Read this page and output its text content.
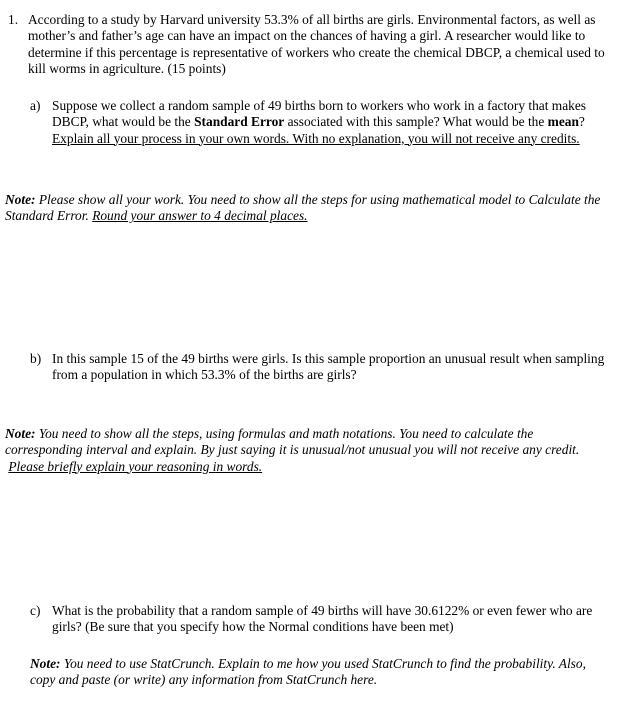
1. According to a study by Harvard university 53.3% of all births are girls. Environmental factors, as well as mother’s and father’s age can have an impact on the chances of having a girl. A researcher would like to determine if this percentage is representative of workers who create the chemical DBCP, a chemical used to kill worms in agriculture. (15 points)
a) Suppose we collect a random sample of 49 births born to workers who work in a factory that makes DBCP, what would be the Standard Error associated with this sample? What would be the mean? Explain all your process in your own words. With no explanation, you will not receive any credits.
Note: Please show all your work. You need to show all the steps for using mathematical model to Calculate the Standard Error. Round your answer to 4 decimal places.
b) In this sample 15 of the 49 births were girls. Is this sample proportion an unusual result when sampling from a population in which 53.3% of the births are girls?
Note: You need to show all the steps, using formulas and math notations. You need to calculate the corresponding interval and explain. By just saying it is unusual/not unusual you will not receive any credit. Please briefly explain your reasoning in words.
c) What is the probability that a random sample of 49 births will have 30.6122% or even fewer who are girls? (Be sure that you specify how the Normal conditions have been met)
Note: You need to use StatCrunch. Explain to me how you used StatCrunch to find the probability. Also, copy and paste (or write) any information from StatCrunch here.
